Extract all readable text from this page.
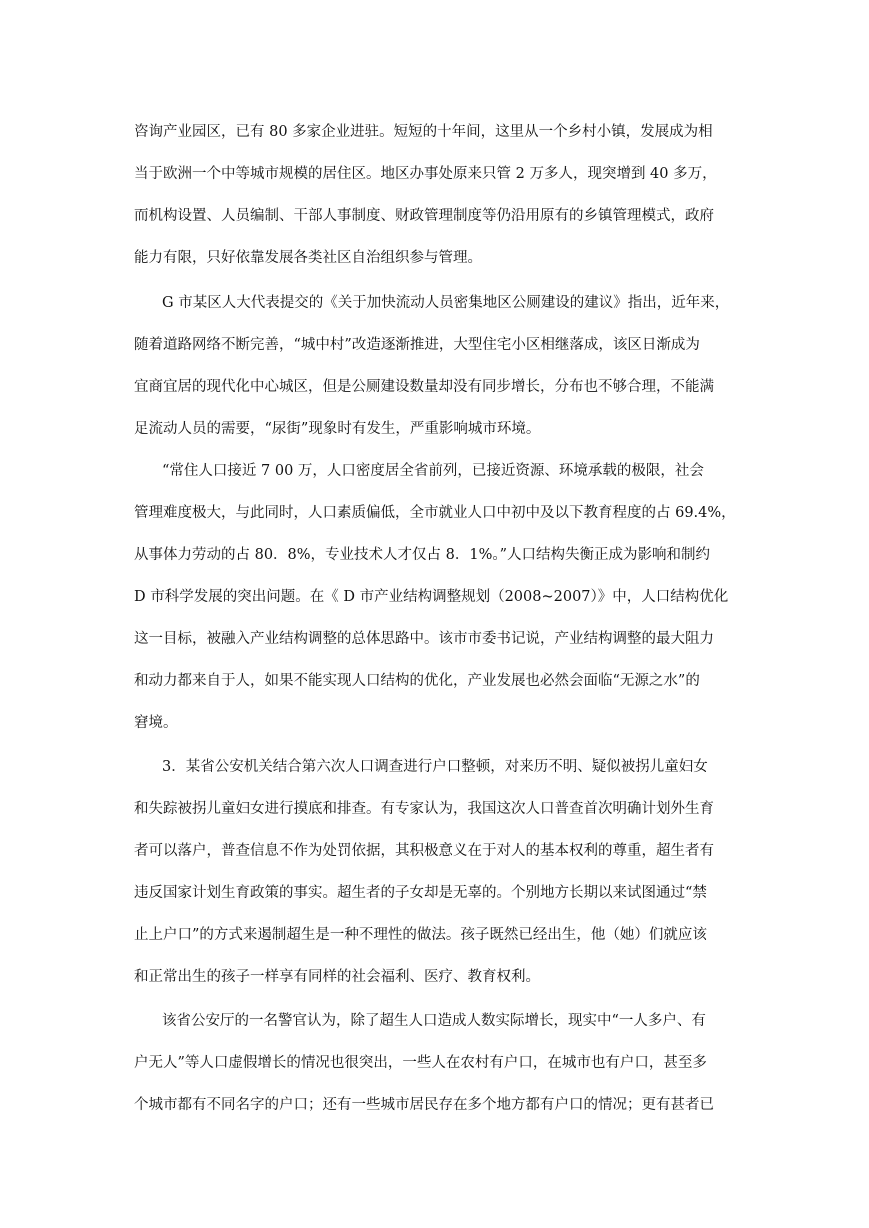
咨询产业园区，已有 80 多家企业进驻。短短的十年间，这里从一个乡村小镇，发展成为相
当于欧洲一个中等城市规模的居住区。地区办事处原来只管 2 万多人，现突增到 40 多万，
而机构设置、人员编制、干部人事制度、财政管理制度等仍沿用原有的乡镇管理模式，政府
能力有限，只好依靠发展各类社区自治组织参与管理。
G 市某区人大代表提交的《关于加快流动人员密集地区公厕建设的建议》指出，近年来，
随着道路网络不断完善，“城中村”改造逐渐推进，大型住宅小区相继落成，该区日渐成为
宜商宜居的现代化中心城区，但是公厕建设数量却没有同步增长，分布也不够合理，不能满
足流动人员的需要，“尿街”现象时有发生，严重影响城市环境。
“常住人口接近 7 00 万，人口密度居全省前列，已接近资源、环境承载的极限，社会
管理难度极大，与此同时，人口素质偏低，全市就业人口中初中及以下教育程度的占 69.4%，
从事体力劳动的占 80．8%，专业技术人才仅占 8．1%。”人口结构失衡正成为影响和制约
D 市科学发展的突出问题。在《 D 市产业结构调整规划（2008~2007）》中，人口结构优化
这一目标，被融入产业结构调整的总体思路中。该市市委书记说，产业结构调整的最大阻力
和动力都来自于人，如果不能实现人口结构的优化，产业发展也必然会面临“无源之水”的
窘境。
3．某省公安机关结合第六次人口调查进行户口整顿，对来历不明、疑似被拐儿童妇女
和失踪被拐儿童妇女进行摸底和排查。有专家认为，我国这次人口普查首次明确计划外生育
者可以落户，普查信息不作为处罚依据，其积极意义在于对人的基本权利的尊重，超生者有
违反国家计划生育政策的事实。超生者的子女却是无辜的。个别地方长期以来试图通过“禁
止上户口”的方式来遏制超生是一种不理性的做法。孩子既然已经出生，他（她）们就应该
和正常出生的孩子一样享有同样的社会福利、医疗、教育权利。
该省公安厅的一名警官认为，除了超生人口造成人数实际增长，现实中“一人多户、有
户无人”等人口虚假增长的情况也很突出，一些人在农村有户口，在城市也有户口，甚至多
个城市都有不同名字的户口；还有一些城市居民存在多个地方都有户口的情况；更有甚者已
